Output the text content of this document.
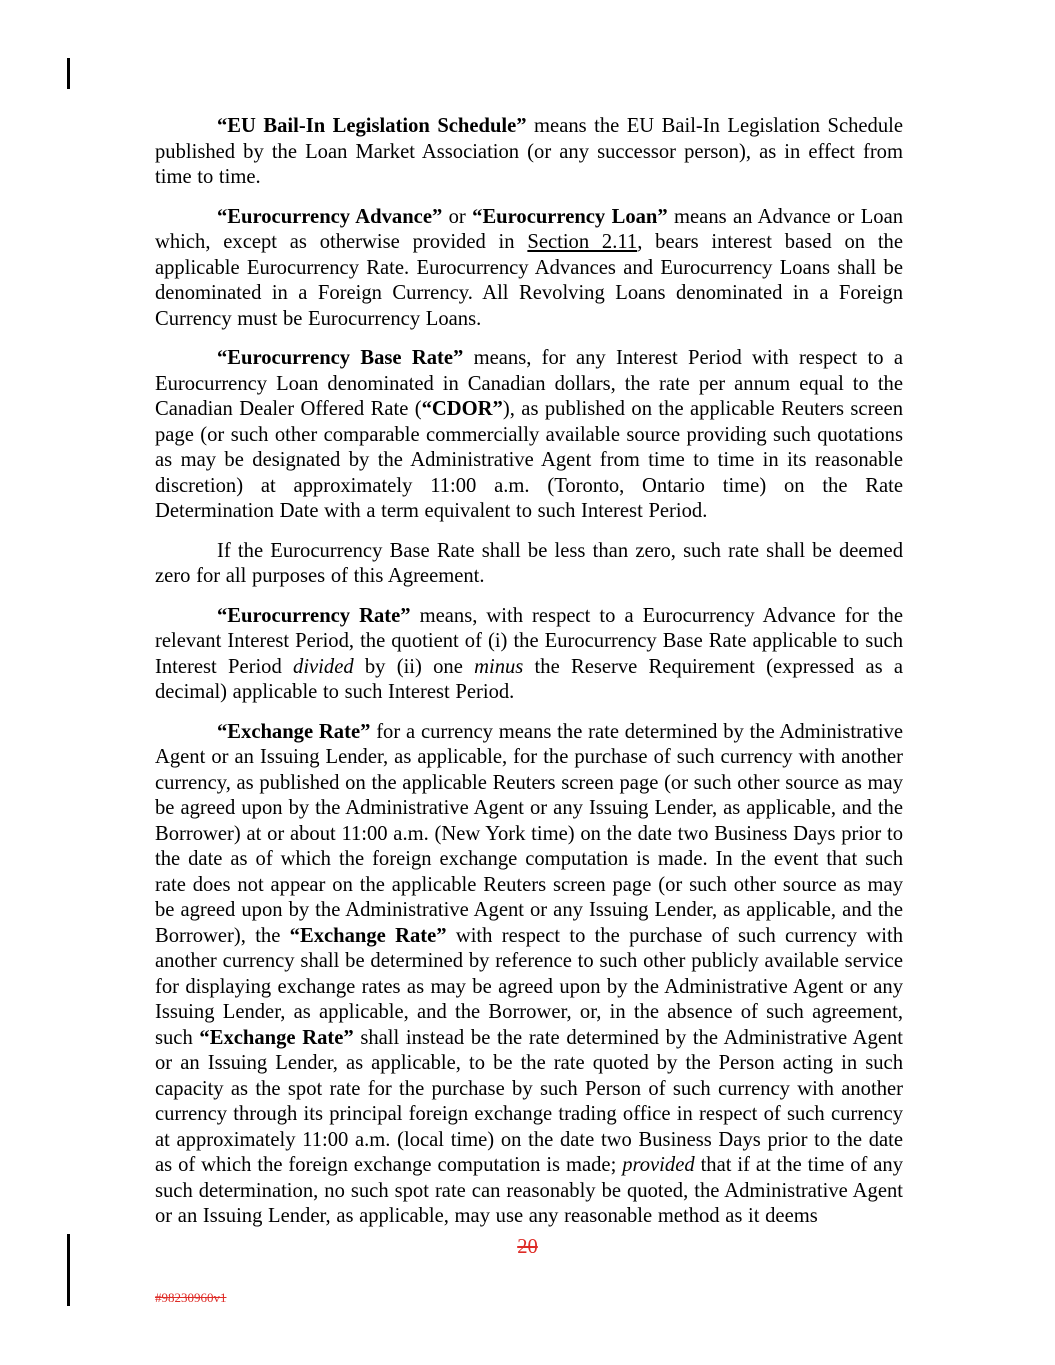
“EU Bail-In Legislation Schedule” means the EU Bail-In Legislation Schedule published by the Loan Market Association (or any successor person), as in effect from time to time.

“Eurocurrency Advance” or “Eurocurrency Loan” means an Advance or Loan which, except as otherwise provided in Section 2.11, bears interest based on the applicable Eurocurrency Rate. Eurocurrency Advances and Eurocurrency Loans shall be denominated in a Foreign Currency. All Revolving Loans denominated in a Foreign Currency must be Eurocurrency Loans.

“Eurocurrency Base Rate” means, for any Interest Period with respect to a Eurocurrency Loan denominated in Canadian dollars, the rate per annum equal to the Canadian Dealer Offered Rate (“CDOR”), as published on the applicable Reuters screen page (or such other comparable commercially available source providing such quotations as may be designated by the Administrative Agent from time to time in its reasonable discretion) at approximately 11:00 a.m. (Toronto, Ontario time) on the Rate Determination Date with a term equivalent to such Interest Period.

If the Eurocurrency Base Rate shall be less than zero, such rate shall be deemed zero for all purposes of this Agreement.

“Eurocurrency Rate” means, with respect to a Eurocurrency Advance for the relevant Interest Period, the quotient of (i) the Eurocurrency Base Rate applicable to such Interest Period divided by (ii) one minus the Reserve Requirement (expressed as a decimal) applicable to such Interest Period.

“Exchange Rate” for a currency means the rate determined by the Administrative Agent or an Issuing Lender, as applicable, for the purchase of such currency with another currency, as published on the applicable Reuters screen page (or such other source as may be agreed upon by the Administrative Agent or any Issuing Lender, as applicable, and the Borrower) at or about 11:00 a.m. (New York time) on the date two Business Days prior to the date as of which the foreign exchange computation is made. In the event that such rate does not appear on the applicable Reuters screen page (or such other source as may be agreed upon by the Administrative Agent or any Issuing Lender, as applicable, and the Borrower), the “Exchange Rate” with respect to the purchase of such currency with another currency shall be determined by reference to such other publicly available service for displaying exchange rates as may be agreed upon by the Administrative Agent or any Issuing Lender, as applicable, and the Borrower, or, in the absence of such agreement, such “Exchange Rate” shall instead be the rate determined by the Administrative Agent or an Issuing Lender, as applicable, to be the rate quoted by the Person acting in such capacity as the spot rate for the purchase by such Person of such currency with another currency through its principal foreign exchange trading office in respect of such currency at approximately 11:00 a.m. (local time) on the date two Business Days prior to the date as of which the foreign exchange computation is made; provided that if at the time of any such determination, no such spot rate can reasonably be quoted, the Administrative Agent or an Issuing Lender, as applicable, may use any reasonable method as it deems

20
#98230960v1
